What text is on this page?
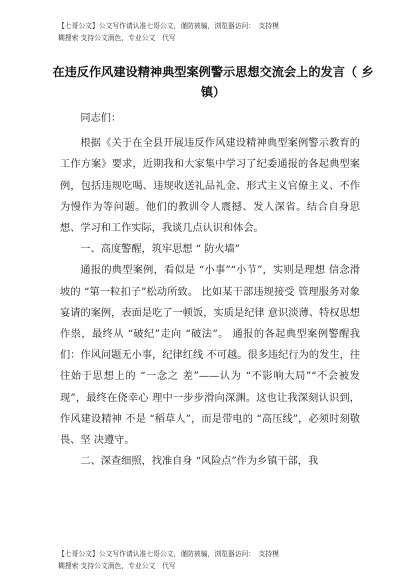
【七哥公文】公文写作请认准七哥公文，谨防被骗，浏览器访问：　支持模
糊搜索 支持公文润色，专业公文　代写
在违反作风建设精神典型案例警示思想交流会上的发言（ 乡镇）

同志们：

根据《关于在全县开展违反作风建设精神典型案例警示教育的工作方案》要求，近期我和大家集中学习了纪委通报的各起典型案例，包括违规吃喝、违规收送礼品礼金、形式主义官僚主义、不作为慢作为等问题。他们的教训令人震撼、发人深省。结合自身思想、学习和工作实际，我谈几点认识和体会。

一、高度警醒，筑牢思想 “ 防火墙”

通报的典型案例，看似是 “小事”“小节”，实则是理想 信念滑坡的 “第一粒扣子”松动所致。 比如某干部违规接受 管理服务对象宴请的案例，表面是吃了一顿饭，实质是纪律 意识淡薄、特权思想作祟，最终从 “破纪”走向 “破法”。 通报的各起典型案例警醒我们：作风问题无小事，纪律红线 不可越。很多违纪行为的发生，往往始于思想上的 “一念之 差”——认为 “不影响大局”“不会被发现”，最终在侥幸心 理中一步步滑向深渊。这也让我深刻认识到，作风建设精神 不是 “稻草人”，而是带电的 “高压线”，必须时刻敬畏、坚 决遵守。

二、深查细照，找准自身 “风险点”作为乡镇干部，我

【七哥公文】公文写作请认准七哥公文，谨防被骗，浏览器访问：　支持模
糊搜索 支持公文润色，专业公文　代写
